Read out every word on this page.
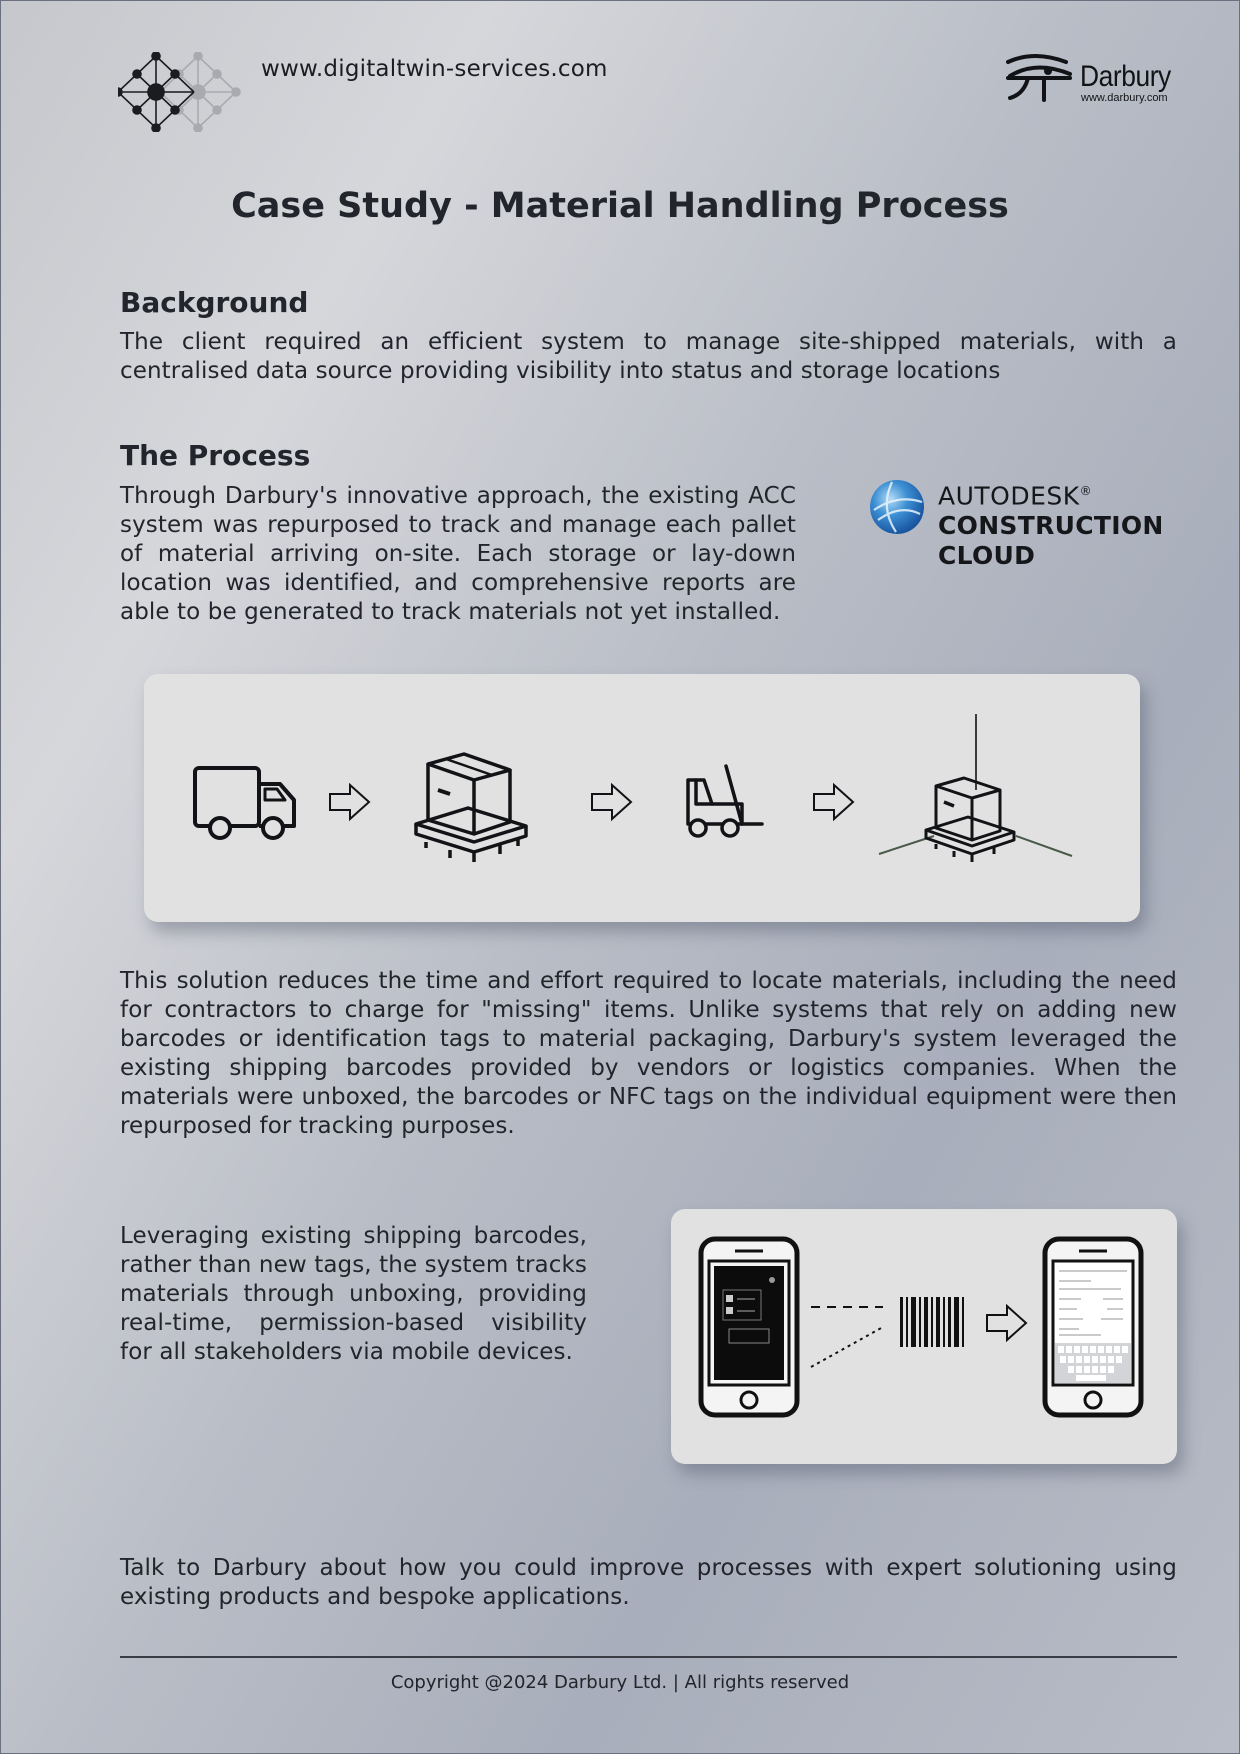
www.digitaltwin-services.com	Darbury
www.darbury.com
Case Study - Material Handling Process
Background

The client required an efficient system to manage site-shipped materials, with a centralised data source providing visibility into status and storage locations

The Process

Through Darbury's innovative approach, the existing ACC system was repurposed to track and manage each pallet of material arriving on-site. Each storage or lay-down location was identified, and comprehensive reports are able to be generated to track materials not yet installed.

AUTODESK®
CONSTRUCTION
CLOUD

This solution reduces the time and effort required to locate materials, including the need for contractors to charge for "missing" items. Unlike systems that rely on adding new barcodes or identification tags to material packaging, Darbury's system leveraged the existing shipping barcodes provided by vendors or logistics companies. When the materials were unboxed, the barcodes or NFC tags on the individual equipment were then repurposed for tracking purposes.

Leveraging existing shipping barcodes, rather than new tags, the system tracks materials through unboxing, providing real-time, permission-based visibility for all stakeholders via mobile devices.

Talk to Darbury about how you could improve processes with expert solutioning using existing products and bespoke applications.

Copyright @2024 Darbury Ltd. | All rights reserved
